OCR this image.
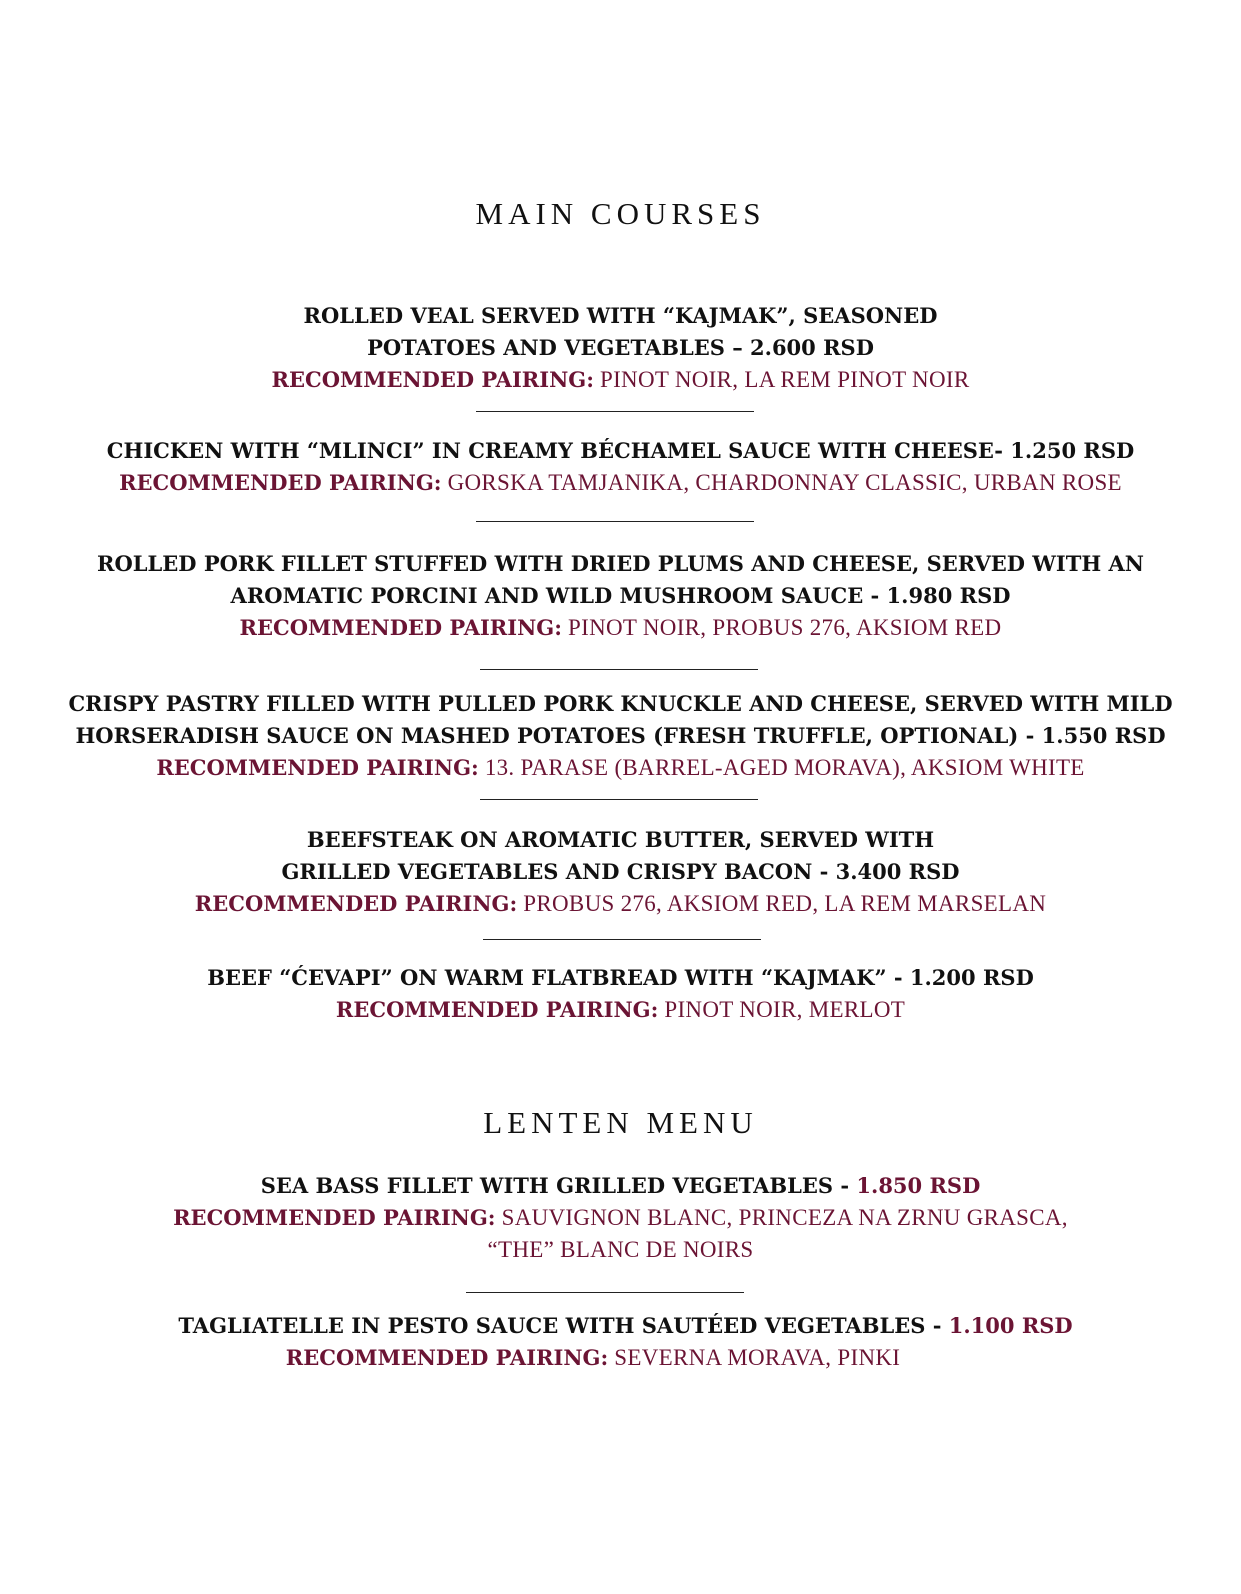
MAIN COURSES

ROLLED VEAL SERVED WITH “KAJMAK”, SEASONED
POTATOES AND VEGETABLES – 2.600 RSD

RECOMMENDED PAIRING: PINOT NOIR, LA REM PINOT NOIR

CHICKEN WITH “MLINCI” IN CREAMY BÉCHAMEL SAUCE WITH CHEESE- 1.250 RSD

RECOMMENDED PAIRING: GORSKA TAMJANIKA, CHARDONNAY CLASSIC, URBAN ROSE

ROLLED PORK FILLET STUFFED WITH DRIED PLUMS AND CHEESE, SERVED WITH AN
AROMATIC PORCINI AND WILD MUSHROOM SAUCE - 1.980 RSD

RECOMMENDED PAIRING: PINOT NOIR, PROBUS 276, AKSIOM RED

CRISPY PASTRY FILLED WITH PULLED PORK KNUCKLE AND CHEESE, SERVED WITH MILD
HORSERADISH SAUCE ON MASHED POTATOES (FRESH TRUFFLE, OPTIONAL) - 1.550 RSD

RECOMMENDED PAIRING: 13. PARASE (BARREL-AGED MORAVA), AKSIOM WHITE

BEEFSTEAK ON AROMATIC BUTTER, SERVED WITH
GRILLED VEGETABLES AND CRISPY BACON - 3.400 RSD

RECOMMENDED PAIRING: PROBUS 276, AKSIOM RED, LA REM MARSELAN

BEEF “ĆEVAPI” ON WARM FLATBREAD WITH “KAJMAK” - 1.200 RSD

RECOMMENDED PAIRING: PINOT NOIR, MERLOT

LENTEN MENU

SEA BASS FILLET WITH GRILLED VEGETABLES - 1.850 RSD

RECOMMENDED PAIRING: SAUVIGNON BLANC, PRINCEZA NA ZRNU GRASCA,

“THE” BLANC DE NOIRS

TAGLIATELLE IN PESTO SAUCE WITH SAUTÉED VEGETABLES - 1.100 RSD

RECOMMENDED PAIRING: SEVERNA MORAVA, PINKI
